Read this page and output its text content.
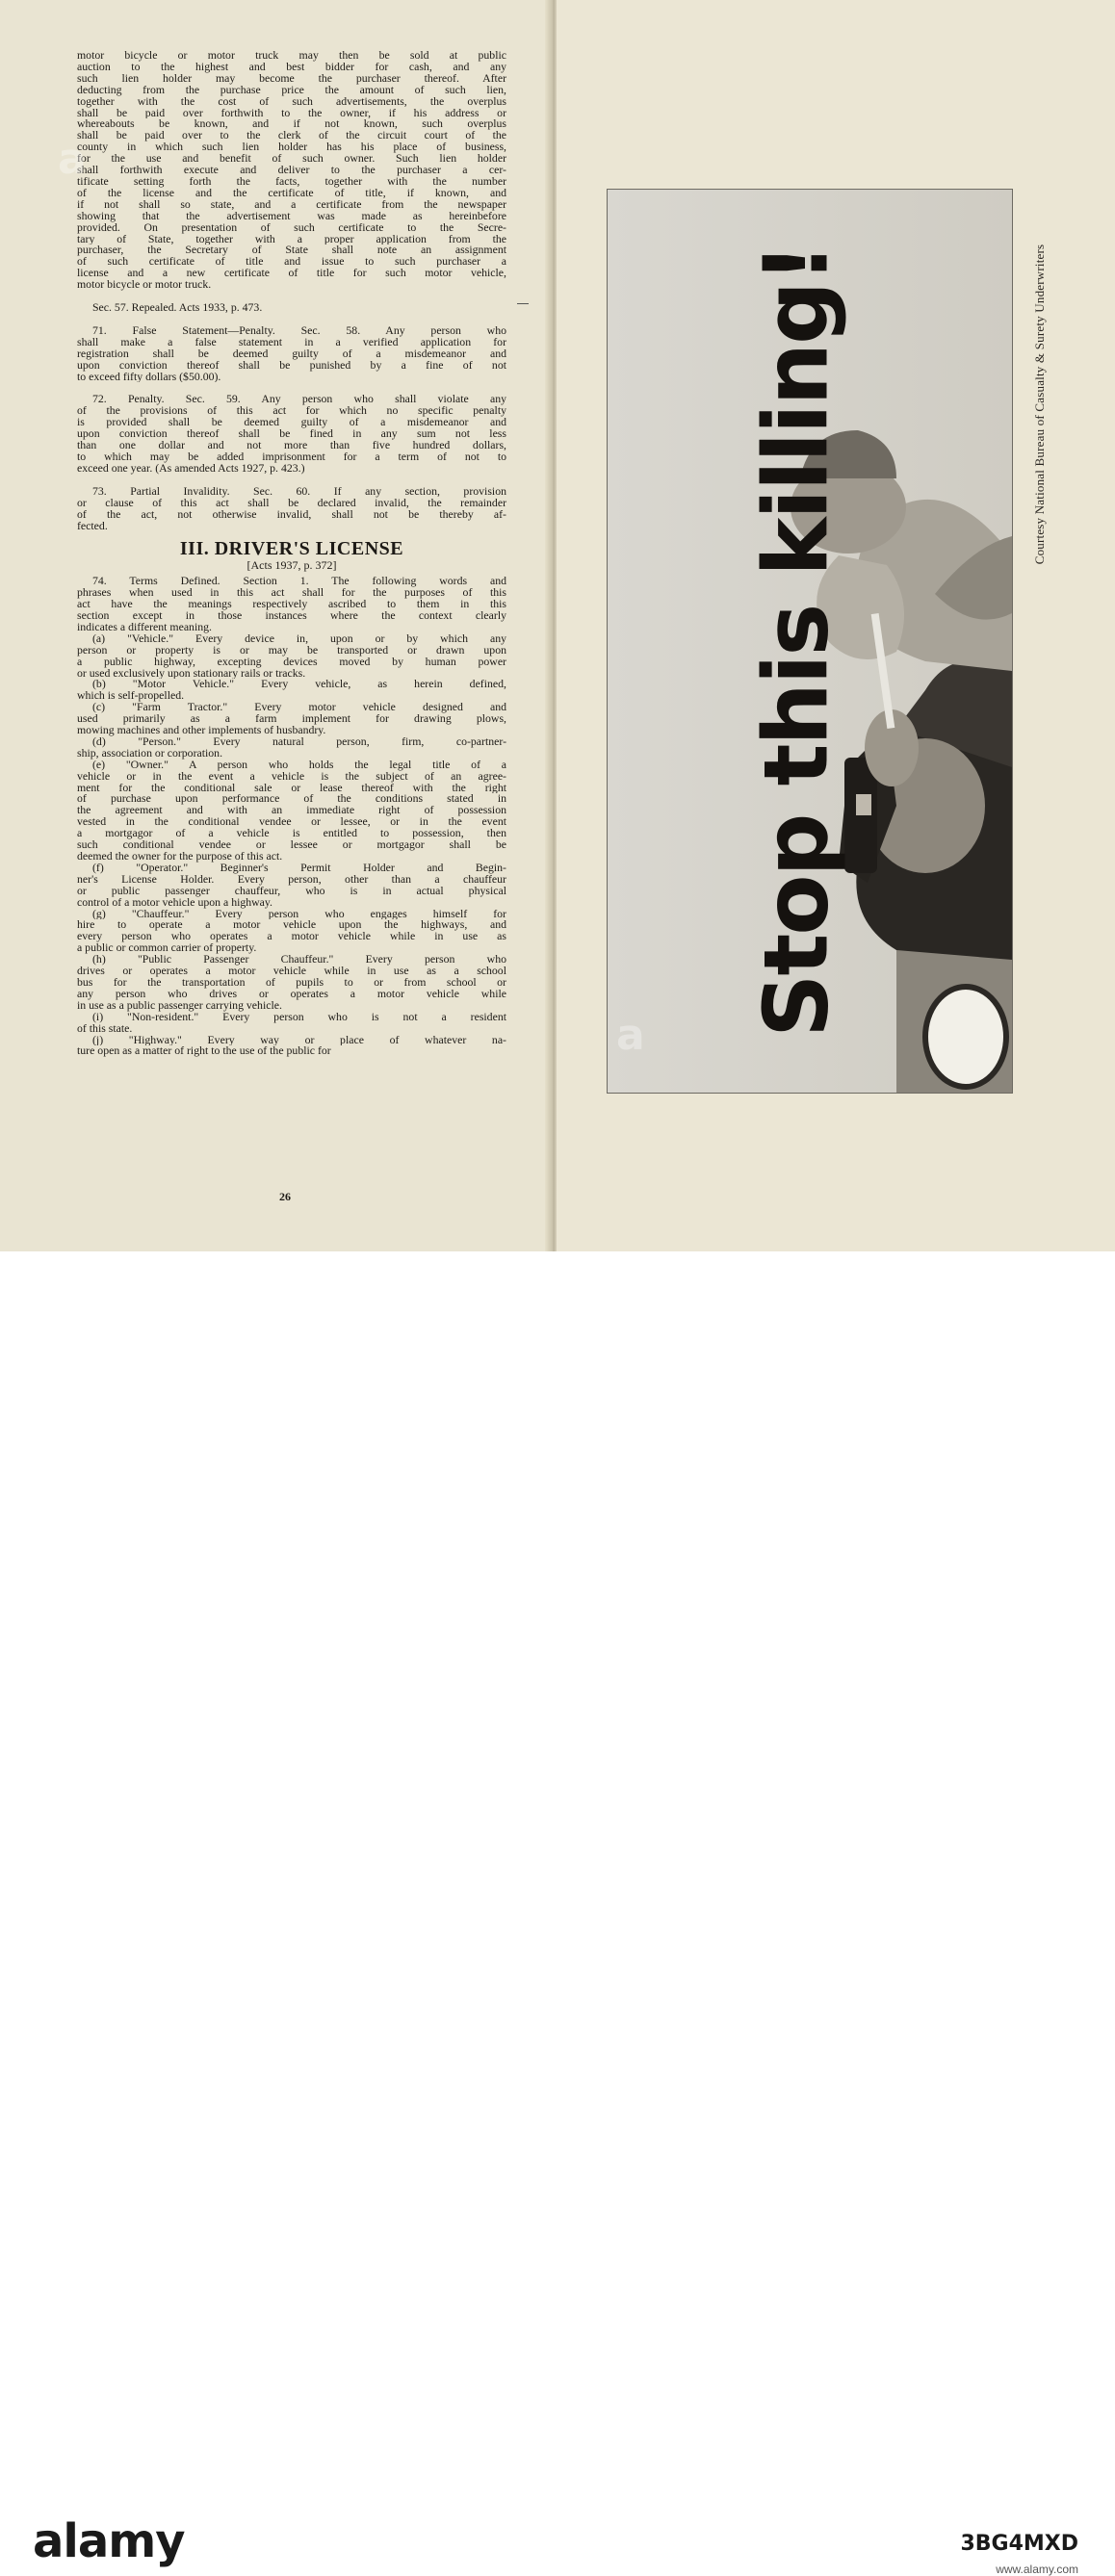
motor bicycle or motor truck may then be sold at public
auction to the highest and best bidder for cash, and any
such lien holder may become the purchaser thereof. After
deducting from the purchase price the amount of such lien,
together with the cost of such advertisements, the overplus
shall be paid over forthwith to the owner, if his address or
whereabouts be known, and if not known, such overplus
shall be paid over to the clerk of the circuit court of the
county in which such lien holder has his place of business,
for the use and benefit of such owner. Such lien holder
shall forthwith execute and deliver to the purchaser a cer-
tificate setting forth the facts, together with the number
of the license and the certificate of title, if known, and
if not shall so state, and a certificate from the newspaper
showing that the advertisement was made as hereinbefore
provided. On presentation of such certificate to the Secre-
tary of State, together with a proper application from the
purchaser, the Secretary of State shall note an assignment
of such certificate of title and issue to such purchaser a
license and a new certificate of title for such motor vehicle,
motor bicycle or motor truck.
Sec. 57. Repealed. Acts 1933, p. 473.
71. False Statement—Penalty. Sec. 58. Any person who
shall make a false statement in a verified application for
registration shall be deemed guilty of a misdemeanor and
upon conviction thereof shall be punished by a fine of not
to exceed fifty dollars ($50.00).
72. Penalty. Sec. 59. Any person who shall violate any
of the provisions of this act for which no specific penalty
is provided shall be deemed guilty of a misdemeanor and
upon conviction thereof shall be fined in any sum not less
than one dollar and not more than five hundred dollars,
to which may be added imprisonment for a term of not to
exceed one year. (As amended Acts 1927, p. 423.)
73. Partial Invalidity. Sec. 60. If any section, provision
or clause of this act shall be declared invalid, the remainder
of the act, not otherwise invalid, shall not be thereby af-
fected.
III. DRIVER'S LICENSE
[Acts 1937, p. 372]
74. Terms Defined. Section 1. The following words and
phrases when used in this act shall for the purposes of this
act have the meanings respectively ascribed to them in this
section except in those instances where the context clearly
indicates a different meaning.
(a) "Vehicle." Every device in, upon or by which any
person or property is or may be transported or drawn upon
a public highway, excepting devices moved by human power
or used exclusively upon stationary rails or tracks.
(b) "Motor Vehicle." Every vehicle, as herein defined,
which is self-propelled.
(c) "Farm Tractor." Every motor vehicle designed and
used primarily as a farm implement for drawing plows,
mowing machines and other implements of husbandry.
(d) "Person." Every natural person, firm, co-partner-
ship, association or corporation.
(e) "Owner." A person who holds the legal title of a
vehicle or in the event a vehicle is the subject of an agree-
ment for the conditional sale or lease thereof with the right
of purchase upon performance of the conditions stated in
the agreement and with an immediate right of possession
vested in the conditional vendee or lessee, or in the event
a mortgagor of a vehicle is entitled to possession, then
such conditional vendee or lessee or mortgagor shall be
deemed the owner for the purpose of this act.
(f) "Operator." Beginner's Permit Holder and Begin-
ner's License Holder. Every person, other than a chauffeur
or public passenger chauffeur, who is in actual physical
control of a motor vehicle upon a highway.
(g) "Chauffeur." Every person who engages himself for
hire to operate a motor vehicle upon the highways, and
every person who operates a motor vehicle while in use as
a public or common carrier of property.
(h) "Public Passenger Chauffeur." Every person who
drives or operates a motor vehicle while in use as a school
bus for the transportation of pupils to or from school or
any person who drives or operates a motor vehicle while
in use as a public passenger carrying vehicle.
(i) "Non-resident." Every person who is not a resident
of this state.
(j) "Highway." Every way or place of whatever na-
ture open as a matter of right to the use of the public for
26
Stop this killing!	Courtesy National Bureau of Casualty & Surety Underwriters
a
a
alamy	3BG4MXD
www.alamy.com
